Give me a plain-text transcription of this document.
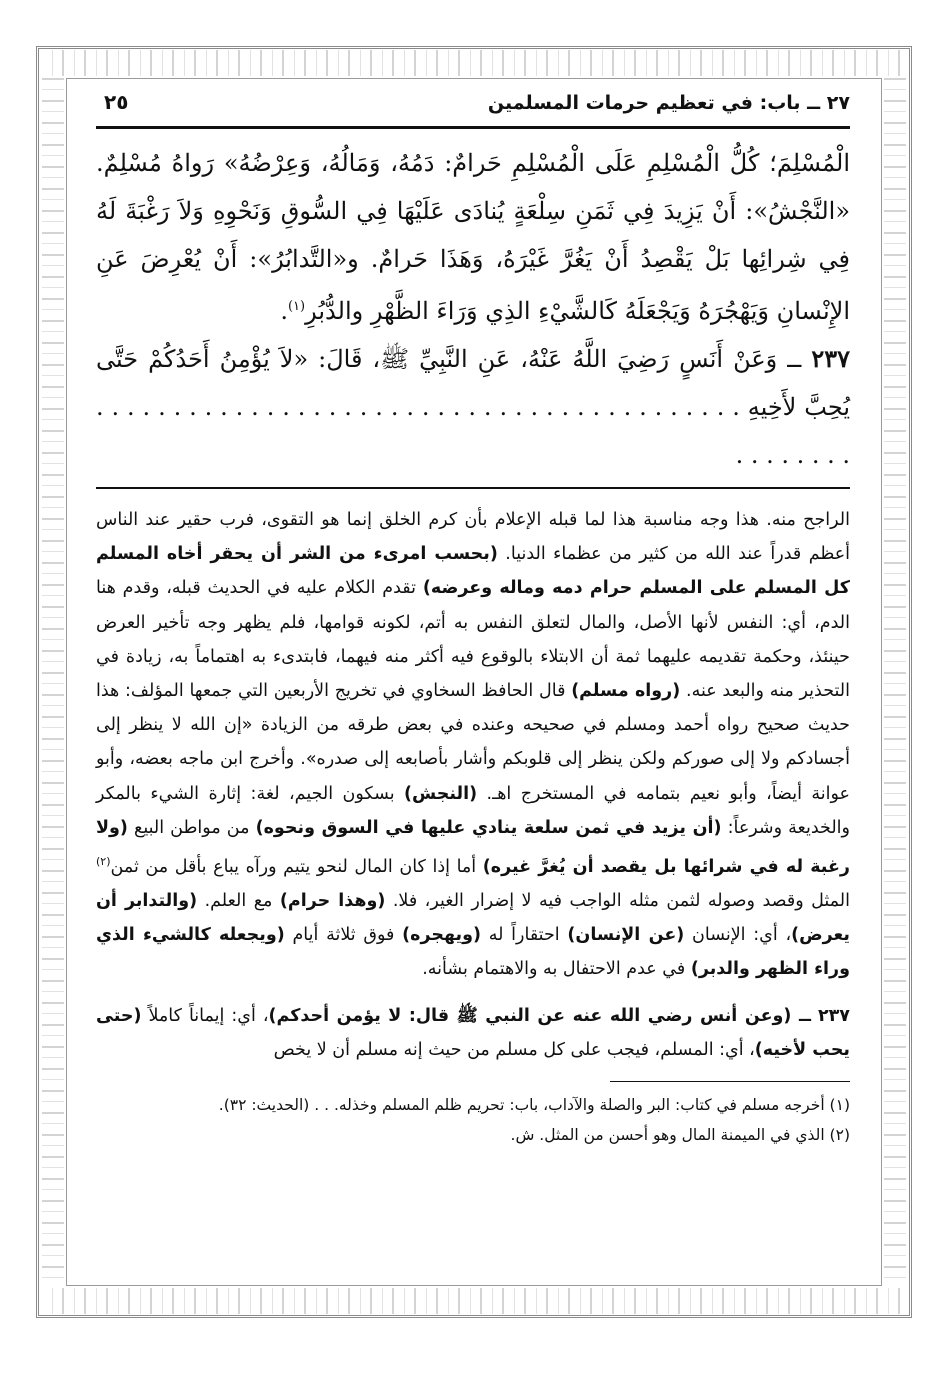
٢٧ ــ باب: في تعظيم حرمات المسلمين
٢٥

الْمُسْلِمَ؛ كُلُّ الْمُسْلِمِ عَلَى الْمُسْلِمِ حَرامٌ: دَمُهُ، وَمَالُهُ، وَعِرْضُهُ» رَواهُ مُسْلِمٌ. «النَّجْشُ»: أَنْ يَزِيدَ فِي ثَمَنِ سِلْعَةٍ يُنادَى عَلَيْهَا فِي السُّوقِ وَنَحْوِهِ وَلاَ رَغْبَةَ لَهُ فِي شِرائِها بَلْ يَقْصِدُ أَنْ يَغُرَّ غَيْرَهُ، وَهَذَا حَرامٌ. و«التَّدابُرُ»: أَنْ يُعْرِضَ عَنِ الإِنْسانِ وَيَهْجُرَهُ وَيَجْعَلَهُ كَالشَّيْءِ الذِي وَرَاءَ الظَّهْرِ والدُّبُرِ$^{(١)}$.

٢٣٧ ــ وَعَنْ أَنَسٍ رَضِيَ اللَّهُ عَنْهُ، عَنِ النَّبِيِّ ﷺ، قَالَ: «لاَ يُؤْمِنُ أَحَدُكُمْ حَتَّى يُحِبَّ لأَخِيهِ . . . . . . . . . . . . . . . . . . . . . . . . . . . . . . . . . . . . . . . . . . . . . . . . . .

الراجح منه. هذا وجه مناسبة هذا لما قبله الإعلام بأن كرم الخلق إنما هو التقوى، فرب حقير عند الناس أعظم قدراً عند الله من كثير من عظماء الدنيا. (بحسب امرىء من الشر أن يحقر أخاه المسلم كل المسلم على المسلم حرام دمه وماله وعرضه) تقدم الكلام عليه في الحديث قبله، وقدم هنا الدم، أي: النفس لأنها الأصل، والمال لتعلق النفس به أتم، لكونه قوامها، فلم يظهر وجه تأخير العرض حينئذ، وحكمة تقديمه عليهما ثمة أن الابتلاء بالوقوع فيه أكثر منه فيهما، فابتدىء به اهتماماً به، زيادة في التحذير منه والبعد عنه. (رواه مسلم) قال الحافظ السخاوي في تخريج الأربعين التي جمعها المؤلف: هذا حديث صحيح رواه أحمد ومسلم في صحيحه وعنده في بعض طرقه من الزيادة «إن الله لا ينظر إلى أجسادكم ولا إلى صوركم ولكن ينظر إلى قلوبكم وأشار بأصابعه إلى صدره». وأخرج ابن ماجه بعضه، وأبو عوانة أيضاً، وأبو نعيم بتمامه في المستخرج اهـ. (النجش) بسكون الجيم، لغة: إثارة الشيء بالمكر والخديعة وشرعاً: (أن يزيد في ثمن سلعة ينادي عليها في السوق ونحوه) من مواطن البيع (ولا رغبة له في شرائها بل يقصد أن يُغرَّ غيره) أما إذا كان المال لنحو يتيم ورآه يباع بأقل من ثمن$^{(٢)}$ المثل وقصد وصوله لثمن مثله الواجب فيه لا إضرار الغير، فلا. (وهذا حرام) مع العلم. (والتدابر أن يعرض)، أي: الإنسان (عن الإنسان) احتقاراً له (ويهجره) فوق ثلاثة أيام (ويجعله كالشيء الذي وراء الظهر والدبر) في عدم الاحتفال به والاهتمام بشأنه.

٢٣٧ ــ (وعن أنس رضي الله عنه عن النبي ﷺ قال: لا يؤمن أحدكم)، أي: إيماناً كاملاً (حتى يحب لأخيه)، أي: المسلم، فيجب على كل مسلم من حيث إنه مسلم أن لا يخص

(١) أخرجه مسلم في كتاب: البر والصلة والآداب، باب: تحريم ظلم المسلم وخذله. . . (الحديث: ٣٢).

(٢) الذي في الميمنة المال وهو أحسن من المثل. ش.
